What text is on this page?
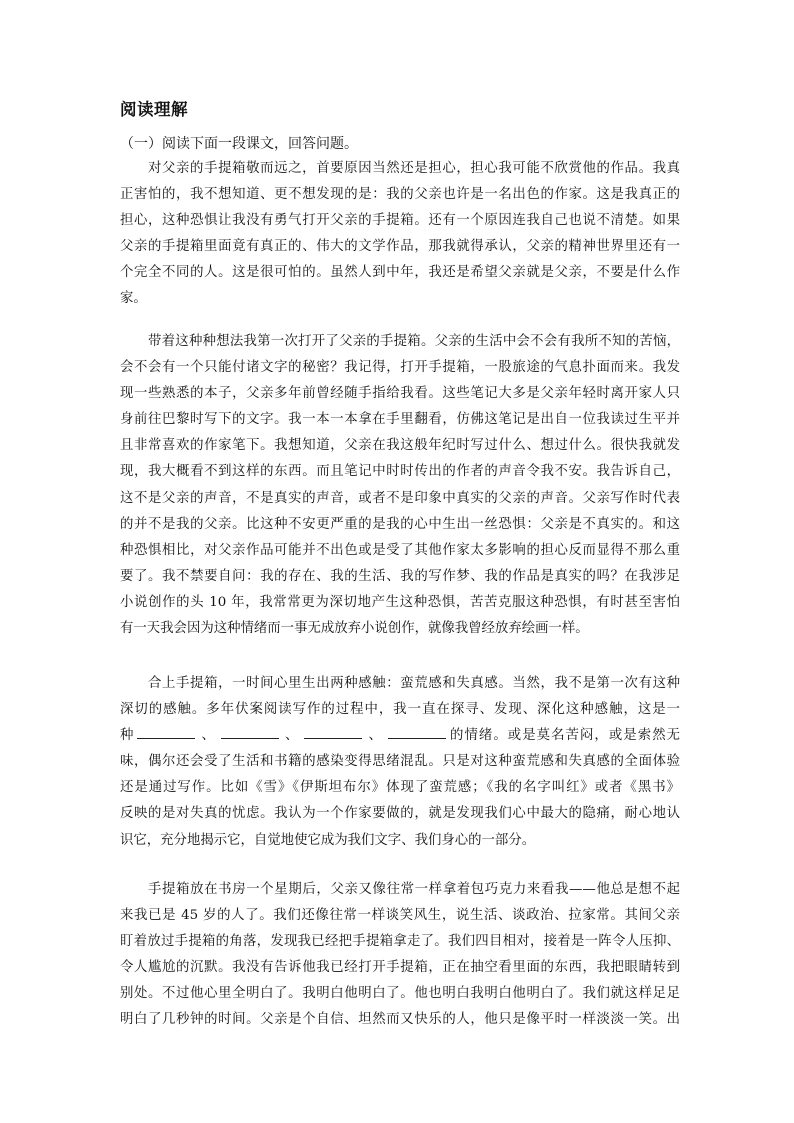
阅读理解
（一）阅读下面一段课文，回答问题。
对父亲的手提箱敬而远之，首要原因当然还是担心，担心我可能不欣赏他的作品。我真
正害怕的，我不想知道、更不想发现的是：我的父亲也许是一名出色的作家。这是我真正的
担心，这种恐惧让我没有勇气打开父亲的手提箱。还有一个原因连我自己也说不清楚。如果
父亲的手提箱里面竟有真正的、伟大的文学作品，那我就得承认，父亲的精神世界里还有一
个完全不同的人。这是很可怕的。虽然人到中年，我还是希望父亲就是父亲，不要是什么作
家。
带着这种种想法我第一次打开了父亲的手提箱。父亲的生活中会不会有我所不知的苦恼，
会不会有一个只能付诸文字的秘密？我记得，打开手提箱，一股旅途的气息扑面而来。我发
现一些熟悉的本子，父亲多年前曾经随手指给我看。这些笔记大多是父亲年轻时离开家人只
身前往巴黎时写下的文字。我一本一本拿在手里翻看，仿佛这笔记是出自一位我读过生平并
且非常喜欢的作家笔下。我想知道，父亲在我这般年纪时写过什么、想过什么。很快我就发
现，我大概看不到这样的东西。而且笔记中时时传出的作者的声音令我不安。我告诉自己，
这不是父亲的声音，不是真实的声音，或者不是印象中真实的父亲的声音。父亲写作时代表
的并不是我的父亲。比这种不安更严重的是我的心中生出一丝恐惧：父亲是不真实的。和这
种恐惧相比，对父亲作品可能并不出色或是受了其他作家太多影响的担心反而显得不那么重
要了。我不禁要自问：我的存在、我的生活、我的写作梦、我的作品是真实的吗？在我涉足
小说创作的头 10 年，我常常更为深切地产生这种恐惧，苦苦克服这种恐惧，有时甚至害怕
有一天我会因为这种情绪而一事无成放弃小说创作，就像我曾经放弃绘画一样。
合上手提箱，一时间心里生出两种感触：蛮荒感和失真感。当然，我不是第一次有这种
深切的感触。多年伏案阅读写作的过程中，我一直在探寻、发现、深化这种感触，这是一
种	、	、	、	的情绪。或是莫名苦闷，或是索然无
味，偶尔还会受了生活和书籍的感染变得思绪混乱。只是对这种蛮荒感和失真感的全面体验
还是通过写作。比如《雪》《伊斯坦布尔》体现了蛮荒感；《我的名字叫红》或者《黑书》
反映的是对失真的忧虑。我认为一个作家要做的，就是发现我们心中最大的隐痛，耐心地认
识它，充分地揭示它，自觉地使它成为我们文字、我们身心的一部分。
手提箱放在书房一个星期后，父亲又像往常一样拿着包巧克力来看我——他总是想不起
来我已是 45 岁的人了。我们还像往常一样谈笑风生，说生活、谈政治、拉家常。其间父亲
盯着放过手提箱的角落，发现我已经把手提箱拿走了。我们四目相对，接着是一阵令人压抑、
令人尴尬的沉默。我没有告诉他我已经打开手提箱，正在抽空看里面的东西，我把眼睛转到
别处。不过他心里全明白了。我明白他明白了。他也明白我明白他明白了。我们就这样足足
明白了几秒钟的时间。父亲是个自信、坦然而又快乐的人，他只是像平时一样淡淡一笑。出
